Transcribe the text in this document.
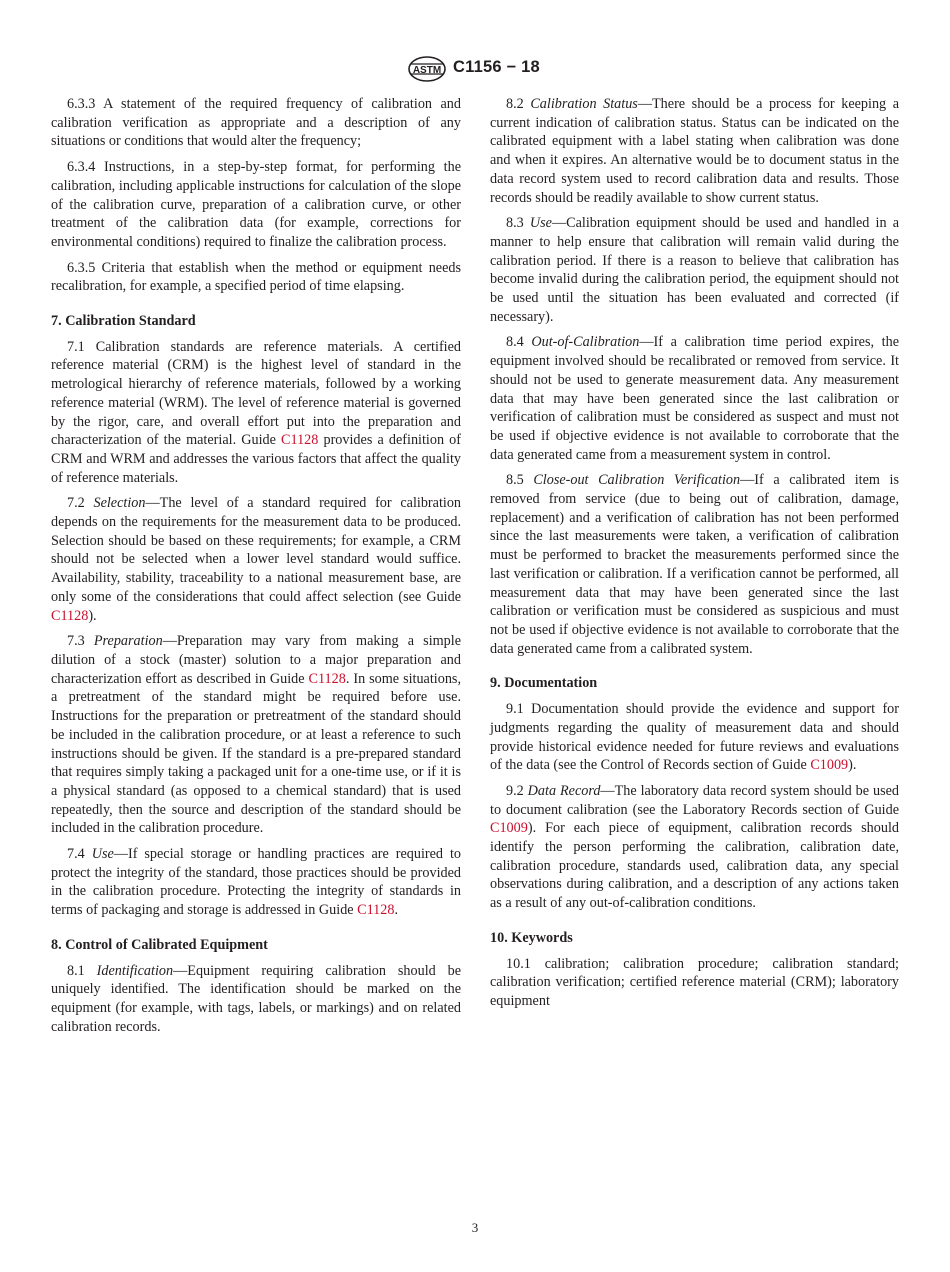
ASTM C1156 − 18

6.3.3 A statement of the required frequency of calibration and calibration verification as appropriate and a description of any situations or conditions that would alter the frequency;

6.3.4 Instructions, in a step-by-step format, for performing the calibration, including applicable instructions for calculation of the slope of the calibration curve, preparation of a calibration curve, or other treatment of the calibration data (for example, corrections for environmental conditions) required to finalize the calibration process.

6.3.5 Criteria that establish when the method or equipment needs recalibration, for example, a specified period of time elapsing.

7. Calibration Standard

7.1 Calibration standards are reference materials. A certified reference material (CRM) is the highest level of standard in the metrological hierarchy of reference materials, followed by a working reference material (WRM). The level of reference material is governed by the rigor, care, and overall effort put into the preparation and characterization of the material. Guide C1128 provides a definition of CRM and WRM and addresses the various factors that affect the quality of reference materials.

7.2 Selection—The level of a standard required for calibration depends on the requirements for the measurement data to be produced. Selection should be based on these requirements; for example, a CRM should not be selected when a lower level standard would suffice. Availability, stability, traceability to a national measurement base, are only some of the considerations that could affect selection (see Guide C1128).

7.3 Preparation—Preparation may vary from making a simple dilution of a stock (master) solution to a major preparation and characterization effort as described in Guide C1128. In some situations, a pretreatment of the standard might be required before use. Instructions for the preparation or pretreatment of the standard should be included in the calibration procedure, or at least a reference to such instructions should be given. If the standard is a pre-prepared standard that requires simply taking a packaged unit for a one-time use, or if it is a physical standard (as opposed to a chemical standard) that is used repeatedly, then the source and description of the standard should be included in the calibration procedure.

7.4 Use—If special storage or handling practices are required to protect the integrity of the standard, those practices should be provided in the calibration procedure. Protecting the integrity of standards in terms of packaging and storage is addressed in Guide C1128.

8. Control of Calibrated Equipment

8.1 Identification—Equipment requiring calibration should be uniquely identified. The identification should be marked on the equipment (for example, with tags, labels, or markings) and on related calibration records.

8.2 Calibration Status—There should be a process for keeping a current indication of calibration status. Status can be indicated on the calibrated equipment with a label stating when calibration was done and when it expires. An alternative would be to document status in the data record system used to record calibration data and results. Those records should be readily available to show current status.

8.3 Use—Calibration equipment should be used and handled in a manner to help ensure that calibration will remain valid during the calibration period. If there is a reason to believe that calibration has become invalid during the calibration period, the equipment should not be used until the situation has been evaluated and corrected (if necessary).

8.4 Out-of-Calibration—If a calibration time period expires, the equipment involved should be recalibrated or removed from service. It should not be used to generate measurement data. Any measurement data that may have been generated since the last calibration or verification of calibration must be considered as suspect and must not be used if objective evidence is not available to corroborate that the data generated came from a measurement system in control.

8.5 Close-out Calibration Verification—If a calibrated item is removed from service (due to being out of calibration, damage, replacement) and a verification of calibration has not been performed since the last measurements were taken, a verification of calibration must be performed to bracket the measurements performed since the last verification or calibration. If a verification cannot be performed, all measurement data that may have been generated since the last calibration or verification must be considered as suspicious and must not be used if objective evidence is not available to corroborate that the data generated came from a calibrated system.

9. Documentation

9.1 Documentation should provide the evidence and support for judgments regarding the quality of measurement data and should provide historical evidence needed for future reviews and evaluations of the data (see the Control of Records section of Guide C1009).

9.2 Data Record—The laboratory data record system should be used to document calibration (see the Laboratory Records section of Guide C1009). For each piece of equipment, calibration records should identify the person performing the calibration, calibration date, calibration procedure, standards used, calibration data, any special observations during calibration, and a description of any actions taken as a result of any out-of-calibration conditions.

10. Keywords

10.1 calibration; calibration procedure; calibration standard; calibration verification; certified reference material (CRM); laboratory equipment

3
